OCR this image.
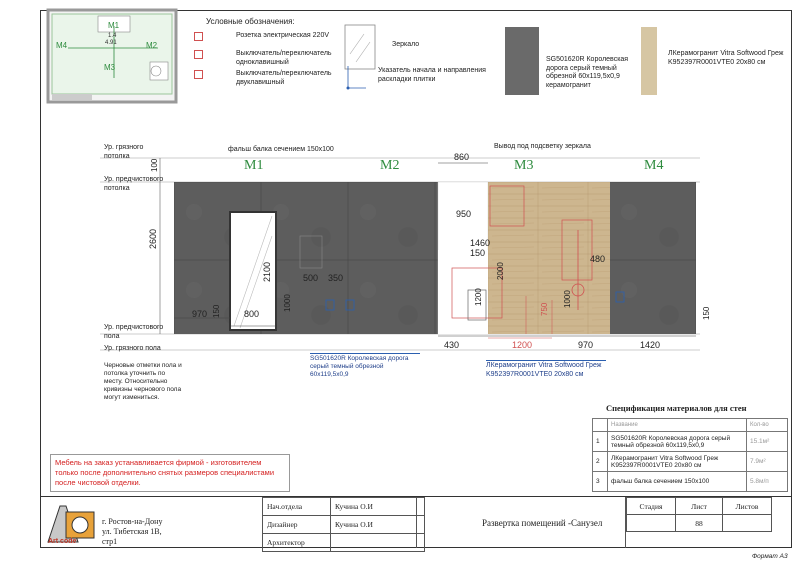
M1
M2
M3
M4
1.4
4.91
Условные обозначения:
Розетка электрическая 220V
Выключатель/переключатель одноклавишный
Выключатель/переключатель двуклавишный
Зеркало
Указатель начала и направления раскладки плитки
SG501620R Королевская дорога серый темный обрезной 60х119,5х0,9 керамогранит
ЛКерамогранит Vitra Softwood Греж K952397R0001VTE0 20х80 см
Ур. грязного потолка
Ур. предчистового потолка
Ур. предчистового пола
Ур. грязного пола
Черновые отметки пола и потолка уточнить по месту. Относительно кривизны чернового пола могут измениться.
фальш балка сечением 150х100	Вывод под подсветку зеркала
M1	M2	M3	M4
2600
100
2100
800
970 150	1000
500 350
860
950
1460
150
2000
1200
750
1000
480
150
430	1200	970	1420
SG501620R Королевская дорога серый темный обрезной 60х119,5х0,9
ЛКерамогранит Vitra Softwood Греж K952397R0001VTE0 20х80 см
Спецификация материалов для стен
	Название	Кол-во
1	SG501620R Королевская дорога серый темный обрезной 60х119,5х0,9	15.1м²
2	ЛКерамогранит Vitra Softwood Греж K952397R0001VTE0 20х80 см	7.9м²
3	фальш балка сечением 150х100	5.8м/п
Мебель на заказ устанавливается фирмой - изготовителем только после дополнительно снятых размеров специалистами после чистовой отделки.
Art code
г. Ростов-на-Дону
ул. Тибетская 1В,
стр1
Нач.отдела	Кучина О.И
Дизайнер	Кучина О.И
Архитектор	
Развертка помещений -Санузел
Стадия	Лист	Листов
	88	
Формат А3
